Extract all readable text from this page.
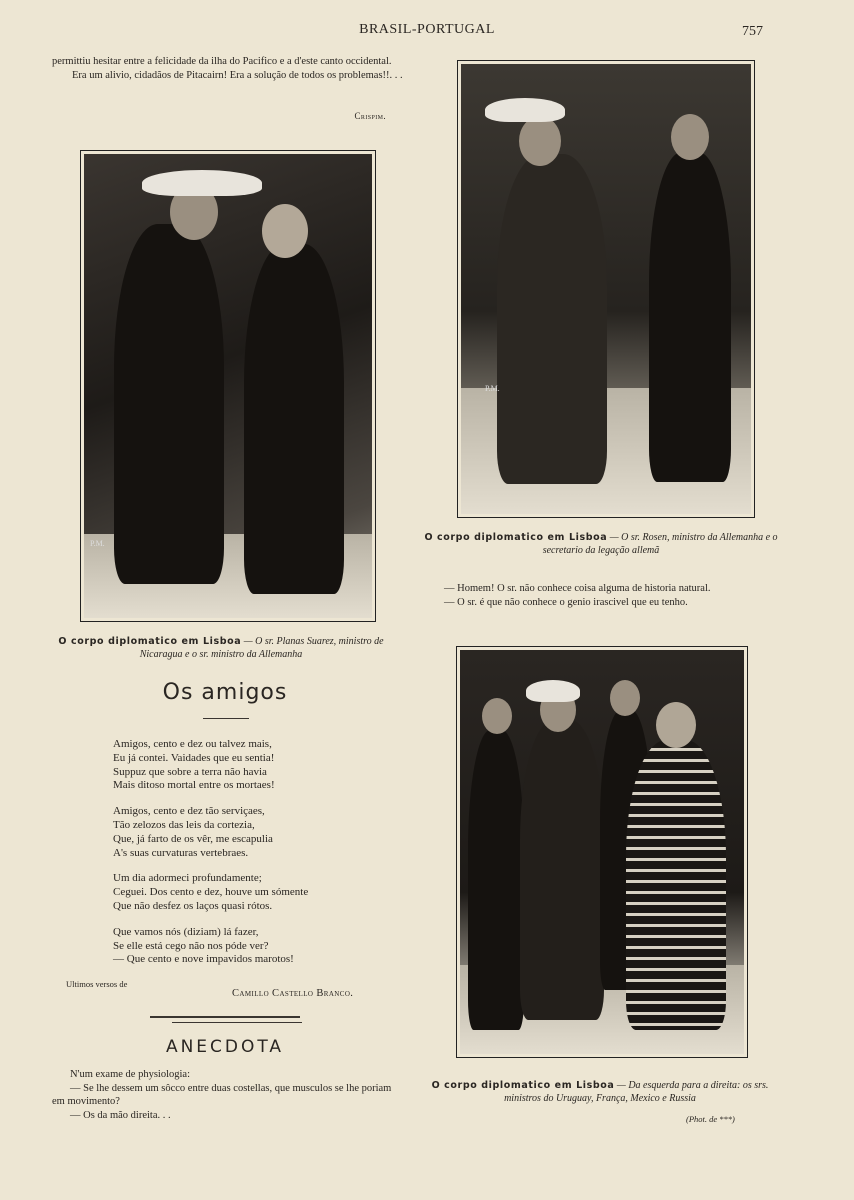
BRASIL-PORTUGAL	757

permittiu hesitar entre a felicidade da ilha do Pacifico e a d'este canto occidental.

Era um alivio, cidadãos de Pitacairn! Era a solução de todos os problemas!!. . .

Crispim.
P.M.
O corpo diplomatico em Lisboa — O sr. Planas Suarez, ministro de Nicaragua e o sr. ministro da Allemanha
P.M.
O corpo diplomatico em Lisboa — O sr. Rosen, ministro da Allemanha e o secretario da legação allemã

— Homem! O sr. não conhece coisa alguma de historia natural.

— O sr. é que não conhece o genio irascivel que eu tenho.

Os amigos
Amigos, cento e dez ou talvez mais,
Eu já contei. Vaidades que eu sentia!
Suppuz que sobre a terra não havia
Mais ditoso mortal entre os mortaes!
Amigos, cento e dez tão serviçaes,
Tão zelozos das leis da cortezia,
Que, já farto de os vêr, me escapulia
A's suas curvaturas vertebraes.
Um dia adormeci profundamente;
Ceguei. Dos cento e dez, houve um sómente
Que não desfez os laços quasi rótos.
Que vamos nós (diziam) lá fazer,
Se elle está cego não nos póde ver?
— Que cento e nove impavidos marotos!
Ultimos versos de
Camillo Castello Branco.
ANECDOTA

N'um exame de physiologia:

— Se lhe dessem um sôcco entre duas costellas, que musculos se lhe poriam em movimento?

— Os da mão direita. . .

O corpo diplomatico em Lisboa — Da esquerda para a direita: os srs. ministros do Uruguay, França, Mexico e Russia
(Phot. de ***)
